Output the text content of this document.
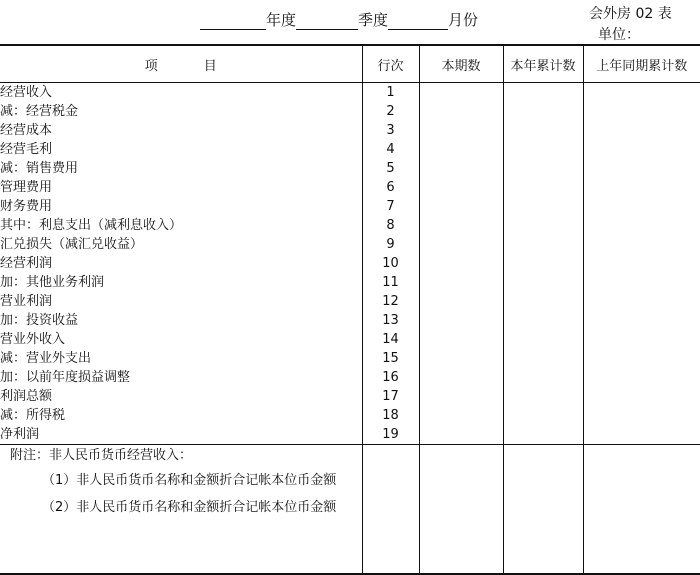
年度	季度	月份	会外房 02 表
单位：
项目	行次	本期数	本年累计数	上年同期累计数
经营收入	1			
减：经营税金	2			
经营成本	3			
经营毛利	4			
减：销售费用	5			
管理费用	6			
财务费用	7			
其中：利息支出（减利息收入）	8			
汇兑损失（减汇兑收益）	9			
经营利润	10			
加：其他业务利润	11			
营业利润	12			
加：投资收益	13			
营业外收入	14			
减：营业外支出	15			
加：以前年度损益调整	16			
利润总额	17			
减：所得税	18			
净利润	19			

附注：非人民币货币经营收入：
（1）非人民币货币名称和金额折合记帐本位币金额
（2）非人民币货币名称和金额折合记帐本位币金额				
